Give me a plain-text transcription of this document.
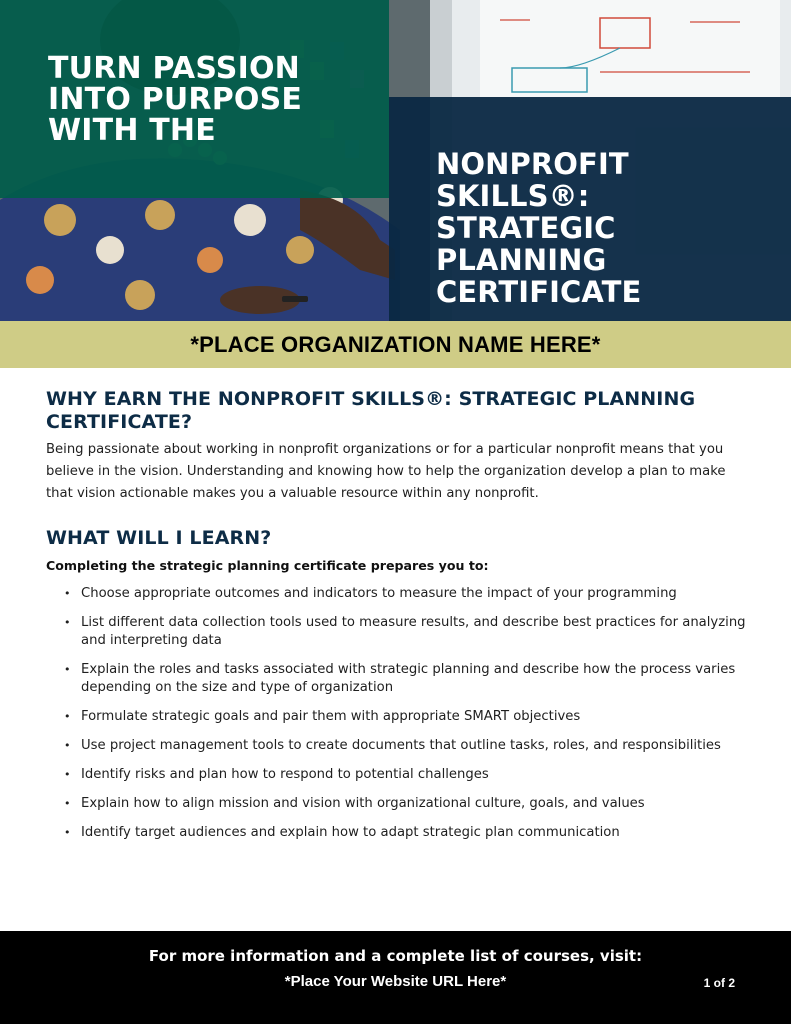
TURN PASSION INTO PURPOSE WITH THE
NONPROFIT SKILLS®: STRATEGIC PLANNING CERTIFICATE
*PLACE ORGANIZATION NAME HERE*
WHY EARN THE NONPROFIT SKILLS®: STRATEGIC PLANNING CERTIFICATE?

Being passionate about working in nonprofit organizations or for a particular nonprofit means that you believe in the vision. Understanding and knowing how to help the organization develop a plan to make that vision actionable makes you a valuable resource within any nonprofit.

WHAT WILL I LEARN?

Completing the strategic planning certificate prepares you to:

• Choose appropriate outcomes and indicators to measure the impact of your programming
• List different data collection tools used to measure results, and describe best practices for analyzing and interpreting data
• Explain the roles and tasks associated with strategic planning and describe how the process varies depending on the size and type of organization
• Formulate strategic goals and pair them with appropriate SMART objectives
• Use project management tools to create documents that outline tasks, roles, and responsibilities
• Identify risks and plan how to respond to potential challenges
• Explain how to align mission and vision with organizational culture, goals, and values
• Identify target audiences and explain how to adapt strategic plan communication
For more information and a complete list of courses, visit:
*Place Your Website URL Here*	1 of 2
